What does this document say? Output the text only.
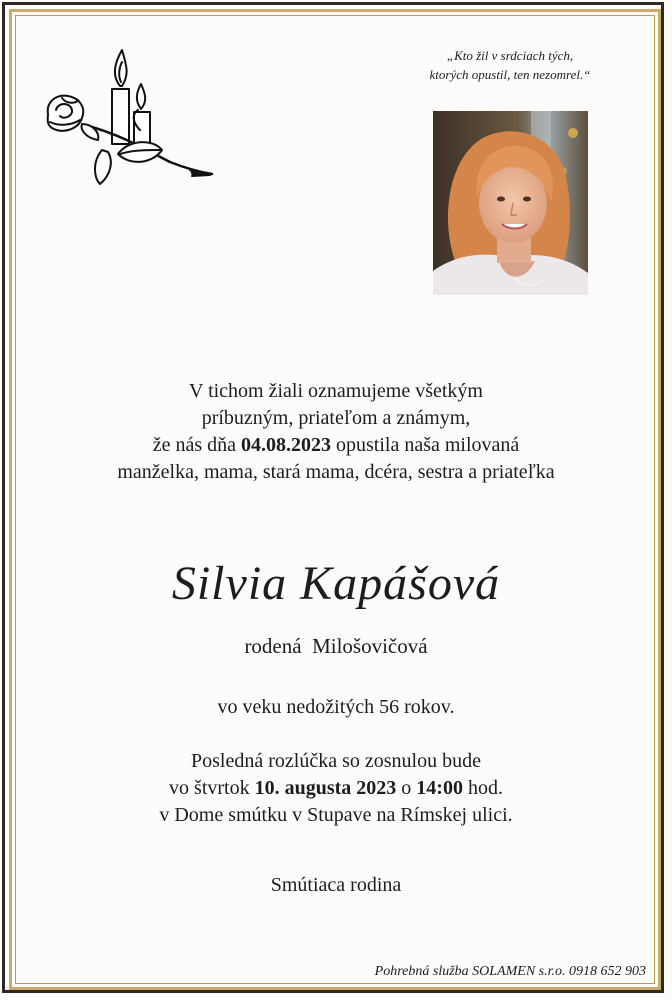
„Kto žil v srdciach tých,
ktorých opustil, ten nezomrel.“
V tichom žiali oznamujeme všetkým
príbuzným, priateľom a známym,
že nás dňa 04.08.2023 opustila naša milovaná
manželka, mama, stará mama, dcéra, sestra a priateľka
Silvia Kapášová
rodená  Milošovičová
vo veku nedožitých 56 rokov.
Posledná rozlúčka so zosnulou bude
vo štvrtok 10. augusta 2023 o 14:00 hod.
v Dome smútku v Stupave na Rímskej ulici.
Smútiaca rodina
Pohrebná služba SOLAMEN s.r.o. 0918 652 903
